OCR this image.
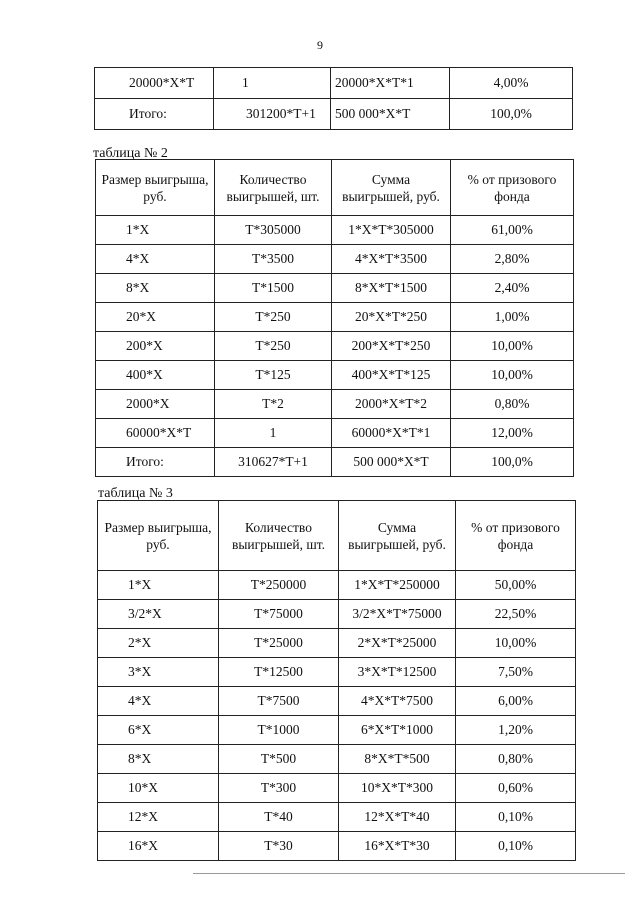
9
20000*X*T	1	20000*X*T*1	4,00%
Итого:	301200*T+1	500 000*X*T	100,0%
таблица № 2
Размер выигрыша, руб.	Количество выигрышей, шт.	Сумма выигрышей, руб.	% от призового фонда
1*X	T*305000	1*X*T*305000	61,00%
4*X	T*3500	4*X*T*3500	2,80%
8*X	T*1500	8*X*T*1500	2,40%
20*X	T*250	20*X*T*250	1,00%
200*X	T*250	200*X*T*250	10,00%
400*X	T*125	400*X*T*125	10,00%
2000*X	T*2	2000*X*T*2	0,80%
60000*X*T	1	60000*X*T*1	12,00%
Итого:	310627*T+1	500 000*X*T	100,0%
таблица № 3
Размер выигрыша, руб.	Количество выигрышей, шт.	Сумма выигрышей, руб.	% от призового фонда
1*X	T*250000	1*X*T*250000	50,00%
3/2*X	T*75000	3/2*X*T*75000	22,50%
2*X	T*25000	2*X*T*25000	10,00%
3*X	T*12500	3*X*T*12500	7,50%
4*X	T*7500	4*X*T*7500	6,00%
6*X	T*1000	6*X*T*1000	1,20%
8*X	T*500	8*X*T*500	0,80%
10*X	T*300	10*X*T*300	0,60%
12*X	T*40	12*X*T*40	0,10%
16*X	T*30	16*X*T*30	0,10%
